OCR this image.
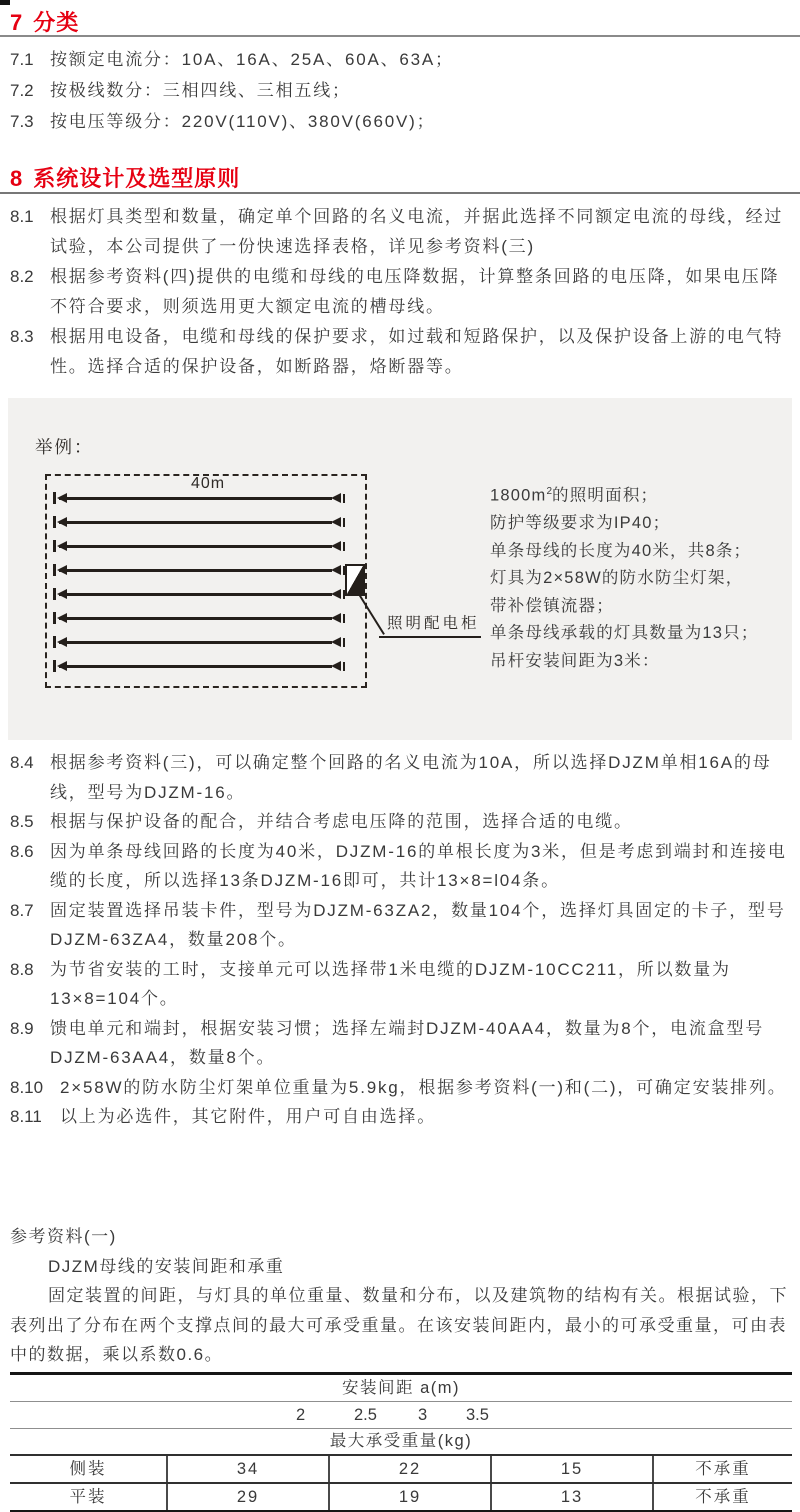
7 分类
7.1 按额定电流分：10A、16A、25A、60A、63A；
7.2 按极线数分：三相四线、三相五线；
7.3 按电压等级分：220V(110V)、380V(660V)；
8 系统设计及选型原则
8.1 根据灯具类型和数量，确定单个回路的名义电流，并据此选择不同额定电流的母线，经过试验，本公司提供了一份快速选择表格，详见参考资料(三)
8.2 根据参考资料(四)提供的电缆和母线的电压降数据，计算整条回路的电压降，如果电压降不符合要求，则须选用更大额定电流的槽母线。
8.3 根据用电设备，电缆和母线的保护要求，如过载和短路保护，以及保护设备上游的电气特性。选择合适的保护设备，如断路器，烙断器等。
举例：
40m
照明配电柜
$1800m^2$的照明面积；
防护等级要求为IP40；
单条母线的长度为40米，共8条；
灯具为2×58W的防水防尘灯架，
带补偿镇流器；
单条母线承载的灯具数量为13只；
吊杆安装间距为3米：
8.4 根据参考资料(三)，可以确定整个回路的名义电流为10A，所以选择DJZM单相16A的母线，型号为DJZM-16。
8.5 根据与保护设备的配合，并结合考虑电压降的范围，选择合适的电缆。
8.6 因为单条母线回路的长度为40米，DJZM-16的单根长度为3米，但是考虑到端封和连接电缆的长度，所以选择13条DJZM-16即可，共计13×8=l04条。
8.7 固定装置选择吊装卡件，型号为DJZM-63ZA2，数量104个，选择灯具固定的卡子，型号DJZM-63ZA4，数量208个。
8.8 为节省安装的工时，支接单元可以选择带1米电缆的DJZM-10CC211，所以数量为13×8=104个。
8.9 馈电单元和端封，根据安装习惯；选择左端封DJZM-40AA4，数量为8个，电流盒型号DJZM-63AA4，数量8个。
8.10 2×58W的防水防尘灯架单位重量为5.9kg，根据参考资料(一)和(二)，可确定安装排列。
8.11	以上为必选件，其它附件，用户可自由选择。
参考资料(一)
DJZM母线的安装间距和承重
固定装置的间距，与灯具的单位重量、数量和分布，以及建筑物的结构有关。根据试验，下表列出了分布在两个支撑点间的最大可承受重量。在该安装间距内，最小的可承受重量，可由表中的数据，乘以系数0.6。
安装间距 a(m)
2	2.5 3 3.5
最大承受重量(kg)
侧装	34	22	15	不承重
平装	29	19	13	不承重
